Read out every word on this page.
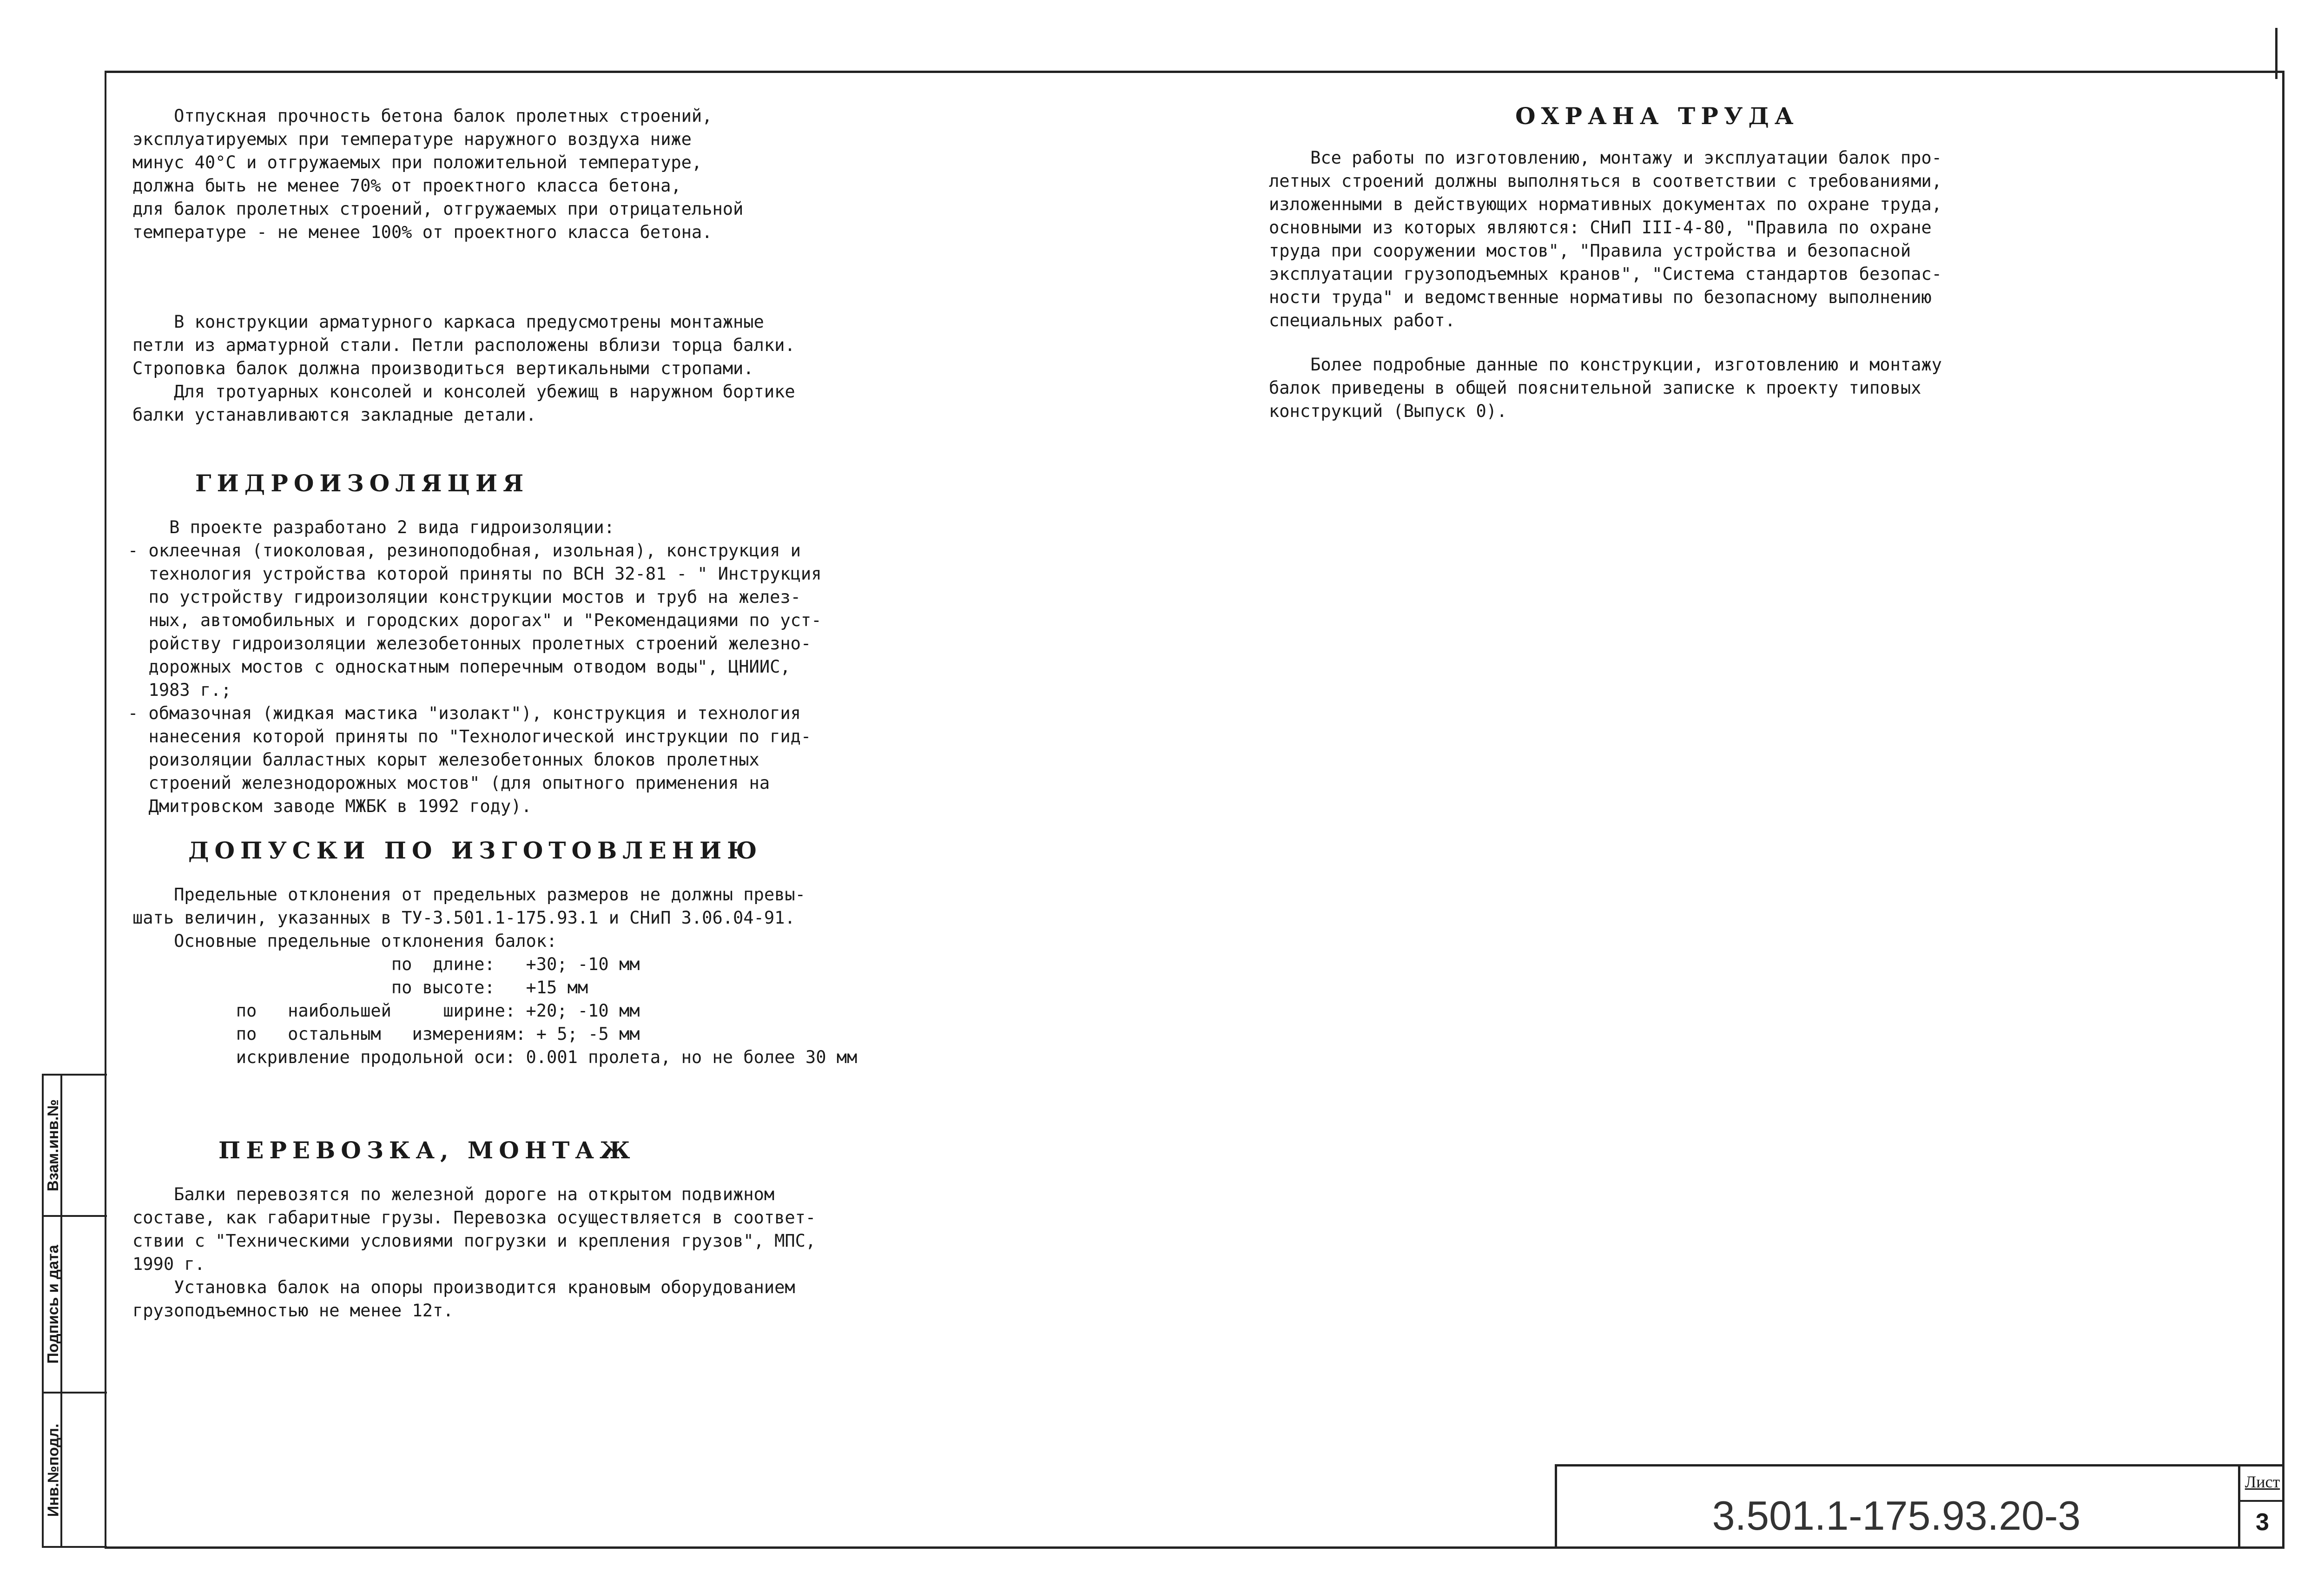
Отпускная прочность бетона балок пролетных строений,
эксплуатируемых при температуре наружного воздуха ниже
минус 40°С и отгружаемых при положительной температуре,
должна быть не менее 70% от проектного класса бетона,
для балок пролетных строений, отгружаемых при отрицательной
температуре - не менее 100% от проектного класса бетона.
В конструкции арматурного каркаса предусмотрены монтажные
петли из арматурной стали. Петли расположены вблизи торца балки.
Строповка балок должна производиться вертикальными стропами.
Для тротуарных консолей и консолей убежищ в наружном бортике
балки устанавливаются закладные детали.
ГИДРОИЗОЛЯЦИЯ
В проекте разработано 2 вида гидроизоляции:
- оклеечная (тиоколовая, резиноподобная, изольная), конструкция и
технология устройства которой приняты по ВСН 32-81 - " Инструкция
по устройству гидроизоляции конструкции мостов и труб на желез-
ных, автомобильных и городских дорогах" и "Рекомендациями по уст-
ройству гидроизоляции железобетонных пролетных строений железно-
дорожных мостов с односкатным поперечным отводом воды", ЦНИИС,
1983 г.;
- обмазочная (жидкая мастика "изолакт"), конструкция и технология
нанесения которой приняты по "Технологической инструкции по гид-
роизоляции балластных корыт железобетонных блоков пролетных
строений железнодорожных мостов" (для опытного применения на
Дмитровском заводе МЖБК в 1992 году).
ДОПУСКИ ПО ИЗГОТОВЛЕНИЮ
Предельные отклонения от предельных размеров не должны превы-
шать величин, указанных в ТУ-3.501.1-175.93.1 и СНиП 3.06.04-91.
Основные предельные отклонения балок:
по  длине:   +30; -10 мм
по высоте:   +15 мм
по   наибольшей     ширине: +20; -10 мм
по   остальным   измерениям: + 5; -5 мм
искривление продольной оси: 0.001 пролета, но не более 30 мм
ПЕРЕВОЗКА, МОНТАЖ
Балки перевозятся по железной дороге на открытом подвижном
составе, как габаритные грузы. Перевозка осуществляется в соответ-
ствии с "Техническими условиями погрузки и крепления грузов", МПС,
1990 г.
Установка балок на опоры производится крановым оборудованием
грузоподъемностью не менее 12т.
ОХРАНА ТРУДА
Все работы по изготовлению, монтажу и эксплуатации балок про-
летных строений должны выполняться в соответствии с требованиями,
изложенными в действующих нормативных документах по охране труда,
основными из которых являются: СНиП III-4-80, "Правила по охране
труда при сооружении мостов", "Правила устройства и безопасной
эксплуатации грузоподъемных кранов", "Система стандартов безопас-
ности труда" и ведомственные нормативы по безопасному выполнению
специальных работ.
Более подробные данные по конструкции, изготовлению и монтажу
балок приведены в общей пояснительной записке к проекту типовых
конструкций (Выпуск 0).
Взам.инв.№
Подпись и дата
Инв.№подл.	3.501.1-175.93.20-3
Лист
3
